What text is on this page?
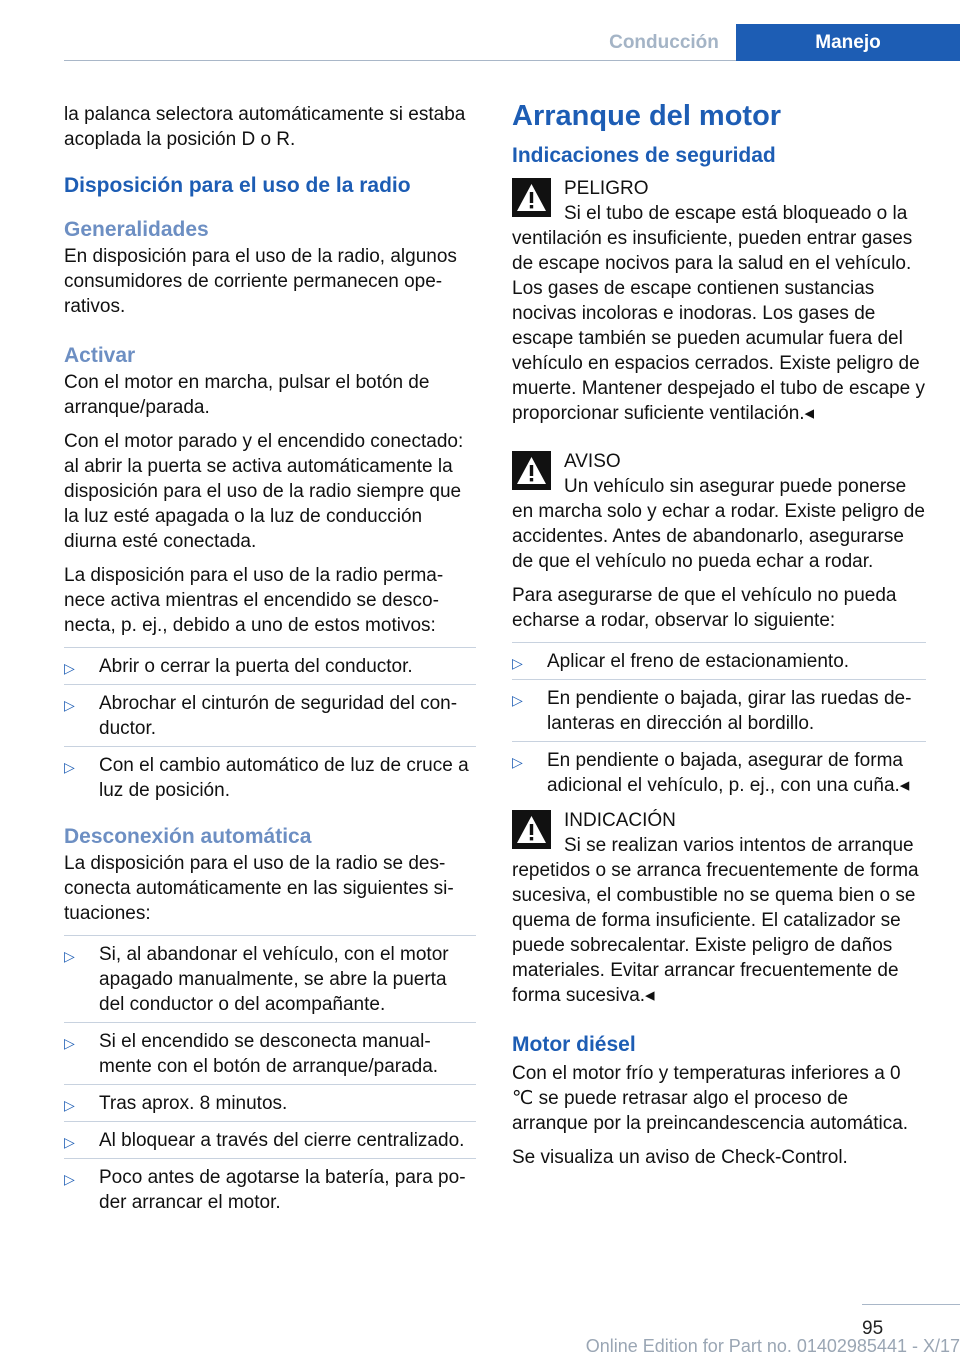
Conducción	Manejo

la palanca selectora automáticamente si estaba acoplada la posición D o R.

Disposición para el uso de la radio
Generalidades

En disposición para el uso de la radio, algunos consumidores de corriente permanecen operativos.

Activar

Con el motor en marcha, pulsar el botón de arranque/parada.

Con el motor parado y el encendido conectado: al abrir la puerta se activa automáticamente la disposición para el uso de la radio siempre que la luz esté apagada o la luz de conducción diurna esté conectada.

La disposición para el uso de la radio permanece activa mientras el encendido se desconecta, p. ej., debido a uno de estos motivos:

▷ Abrir o cerrar la puerta del conductor.
▷ Abrochar el cinturón de seguridad del conductor.
▷ Con el cambio automático de luz de cruce a luz de posición.
Desconexión automática

La disposición para el uso de la radio se desconecta automáticamente en las siguientes situaciones:

▷ Si, al abandonar el vehículo, con el motor apagado manualmente, se abre la puerta del conductor o del acompañante.
▷ Si el encendido se desconecta manualmente con el botón de arranque/parada.
▷ Tras aprox. 8 minutos.
▷ Al bloquear a través del cierre centralizado.
▷ Poco antes de agotarse la batería, para poder arrancar el motor.
Arranque del motor
Indicaciones de seguridad
PELIGRO
Si el tubo de escape está bloqueado o la
ventilación es insuficiente, pueden entrar gases de escape nocivos para la salud en el vehículo. Los gases de escape contienen sustancias nocivas incoloras e inodoras. Los gases de escape también se pueden acumular fuera del vehículo en espacios cerrados. Existe peligro de muerte. Mantener despejado el tubo de escape y proporcionar suficiente ventilación.◂
AVISO
Un vehículo sin asegurar puede ponerse
en marcha solo y echar a rodar. Existe peligro de accidentes. Antes de abandonarlo, asegurarse de que el vehículo no pueda echar a rodar.

Para asegurarse de que el vehículo no pueda echarse a rodar, observar lo siguiente:

▷ Aplicar el freno de estacionamiento.
▷ En pendiente o bajada, girar las ruedas delanteras en dirección al bordillo.
▷ En pendiente o bajada, asegurar de forma adicional el vehículo, p. ej., con una cuña.◂
INDICACIÓN
Si se realizan varios intentos de arranque
repetidos o se arranca frecuentemente de forma sucesiva, el combustible no se quema bien o se quema de forma insuficiente. El catalizador se puede sobrecalentar. Existe peligro de daños materiales. Evitar arrancar frecuentemente de forma sucesiva.◂
Motor diésel

Con el motor frío y temperaturas inferiores a 0 ℃ se puede retrasar algo el proceso de arranque por la preincandescencia automática.

Se visualiza un aviso de Check-Control.

95
Online Edition for Part no. 01402985441 - X/17
